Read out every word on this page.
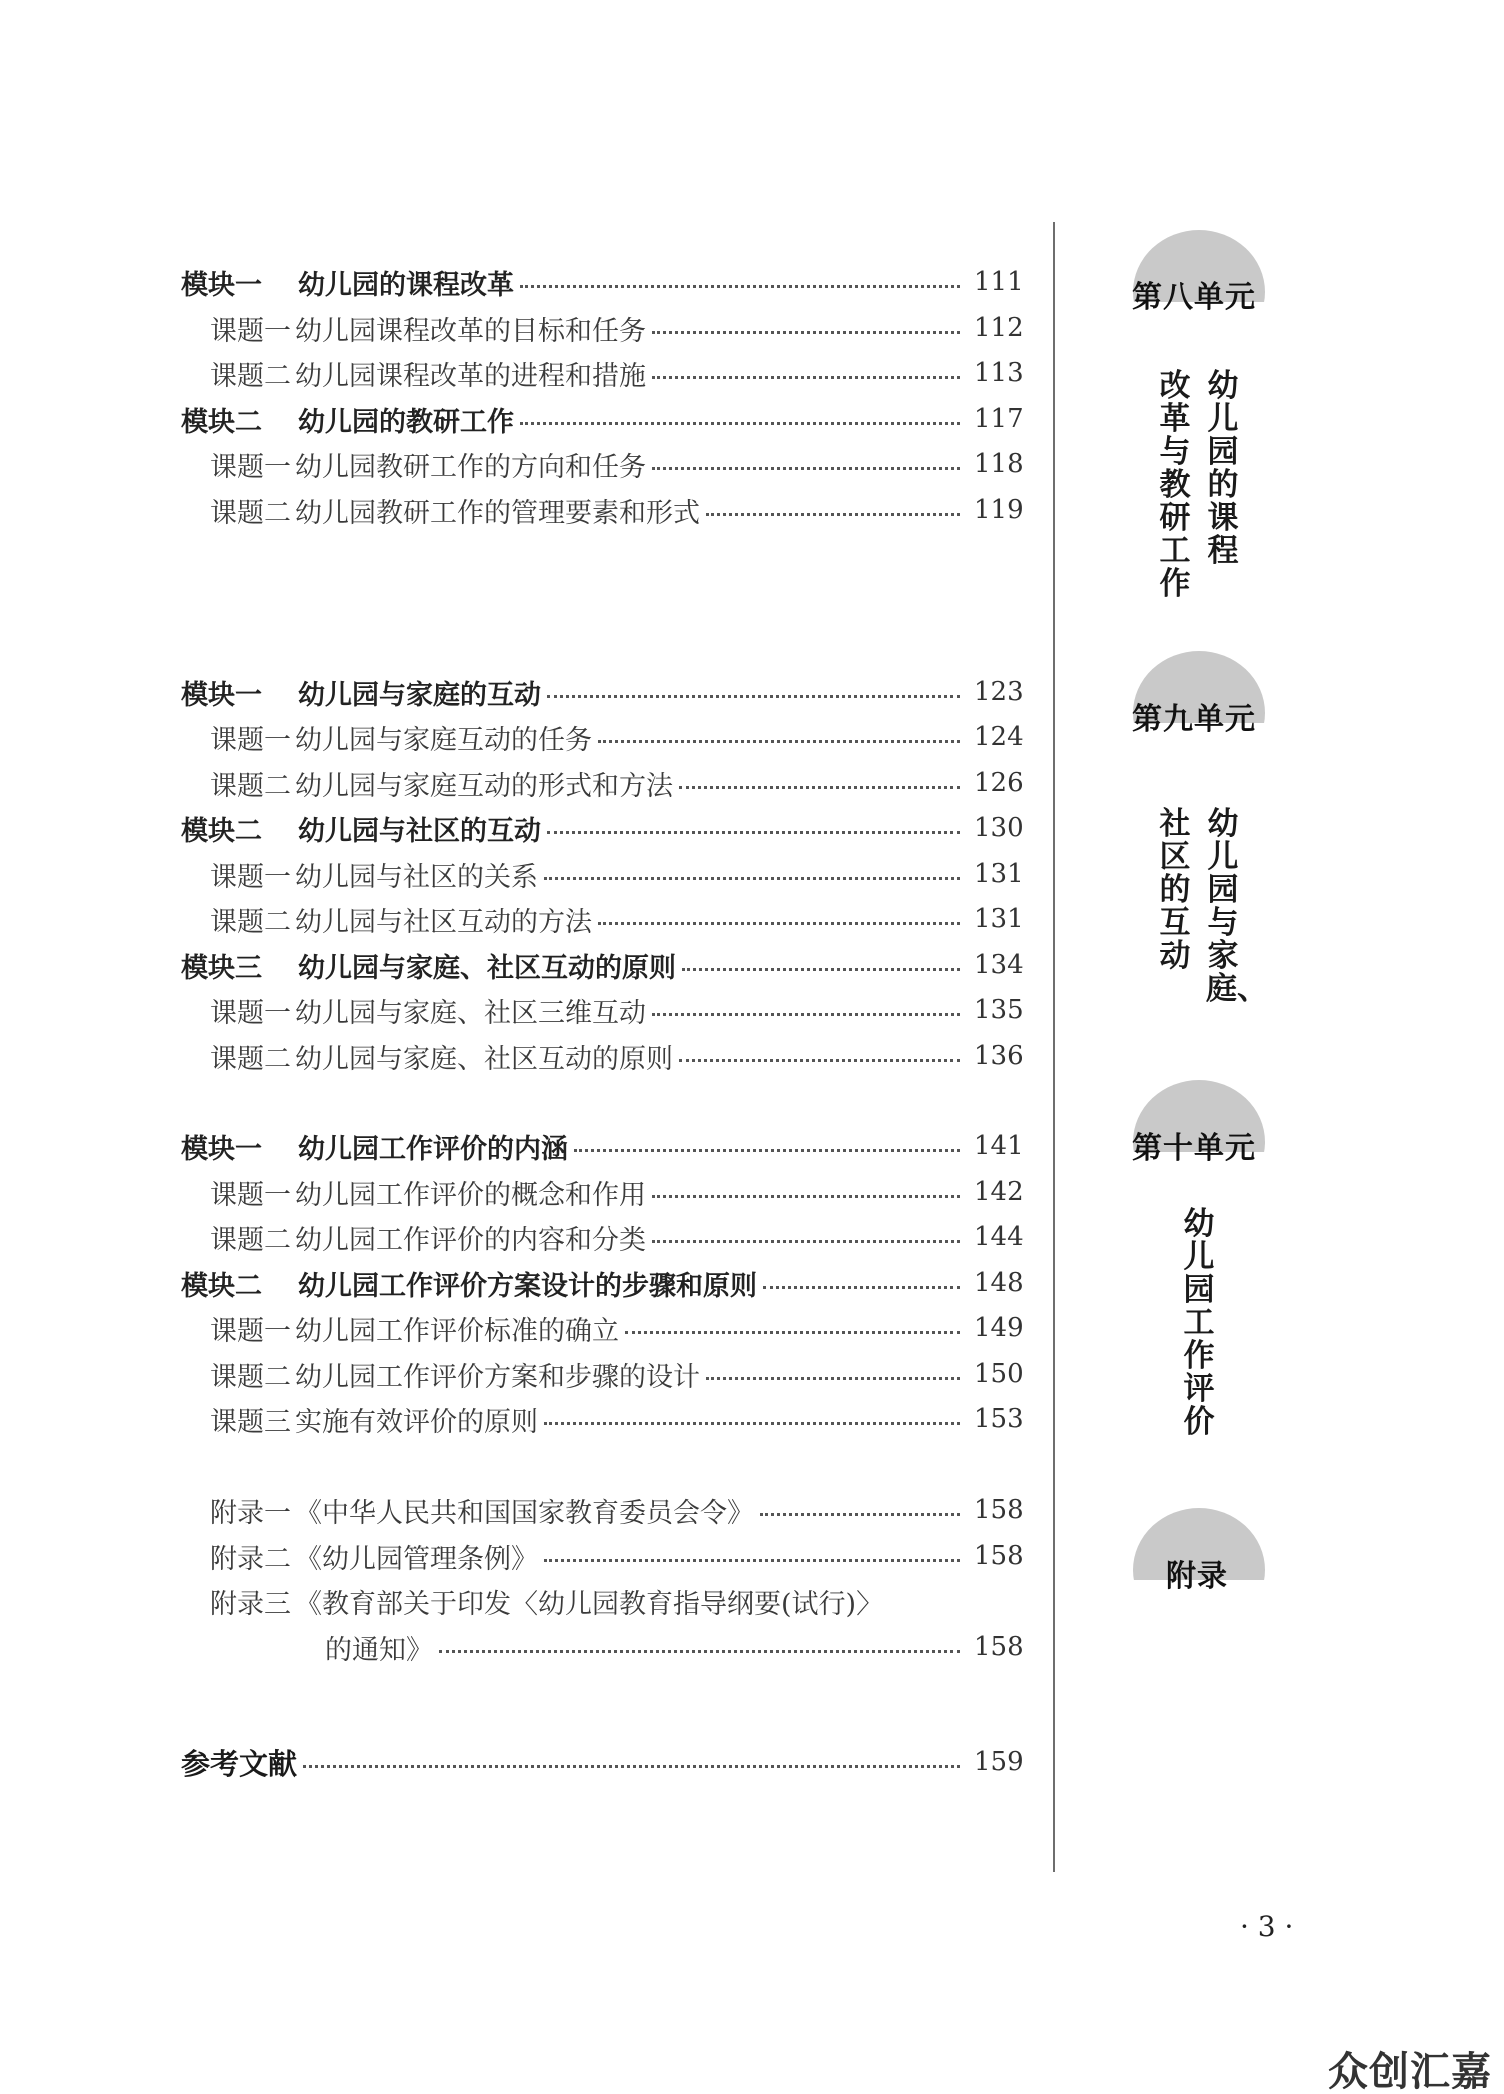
模块一	幼儿园的课程改革	111
课题一 幼儿园课程改革的目标和任务	112
课题二 幼儿园课程改革的进程和措施	113
模块二	幼儿园的教研工作	117
课题一 幼儿园教研工作的方向和任务	118
课题二 幼儿园教研工作的管理要素和形式	119
模块一	幼儿园与家庭的互动	123
课题一 幼儿园与家庭互动的任务	124
课题二 幼儿园与家庭互动的形式和方法	126
模块二	幼儿园与社区的互动	130
课题一 幼儿园与社区的关系	131
课题二 幼儿园与社区互动的方法	131
模块三	幼儿园与家庭、社区互动的原则	134
课题一 幼儿园与家庭、社区三维互动	135
课题二 幼儿园与家庭、社区互动的原则	136
模块一	幼儿园工作评价的内涵	141
课题一 幼儿园工作评价的概念和作用	142
课题二 幼儿园工作评价的内容和分类	144
模块二	幼儿园工作评价方案设计的步骤和原则	148
课题一 幼儿园工作评价标准的确立	149
课题二 幼儿园工作评价方案和步骤的设计	150
课题三 实施有效评价的原则	153
附录一 《中华人民共和国国家教育委员会令》	158
附录二 《幼儿园管理条例》	158
附录三 《教育部关于印发〈幼儿园教育指导纲要(试行)〉
的通知》	158
参考文献	159
第八单元
幼儿园的课程
改革与教研工作
第九单元
幼儿园与家庭、
社区的互动
第十单元
幼儿园工作评价
附录
· 3 ·
众创汇嘉
